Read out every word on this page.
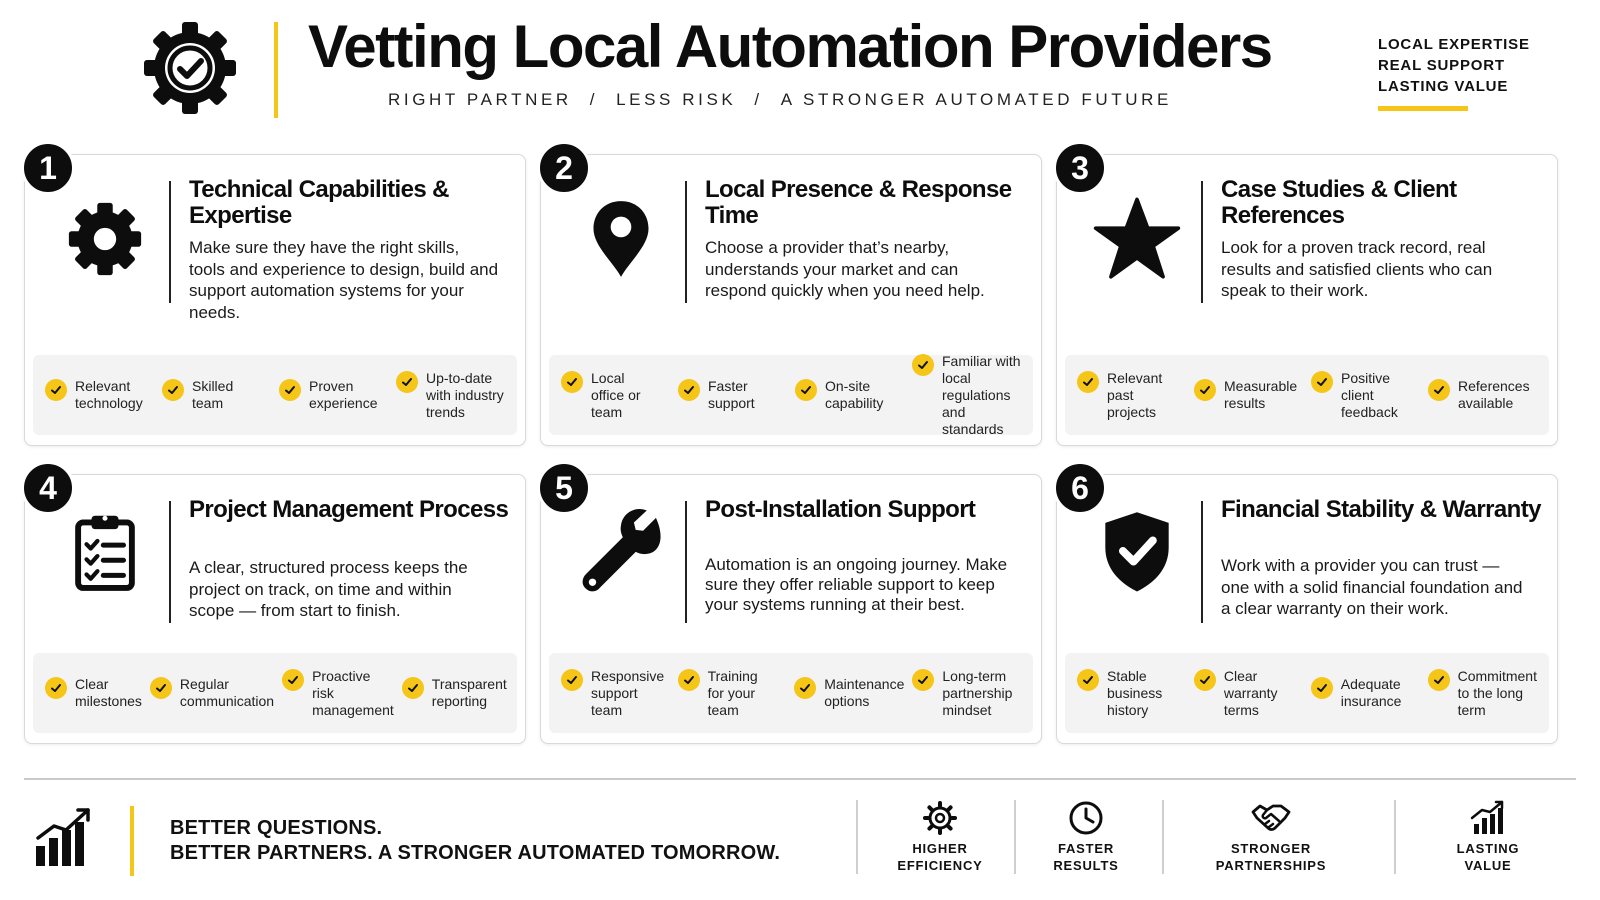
Vetting Local Automation Providers
RIGHT PARTNER / LESS RISK / A STRONGER AUTOMATED FUTURE
LOCAL EXPERTISE
REAL SUPPORT
LASTING VALUE
1
Technical Capabilities & Expertise

Make sure they have the right skills, tools and experience to design, build and support automation systems for your needs.

Relevant
technology
Skilled
team
Proven
experience
Up-to-date
with industry
trends
2
Local Presence & Response Time

Choose a provider that’s nearby, understands your market and can respond quickly when you need help.

Local
office or team
Faster
support
On-site
capability
Familiar with
local regulations
and standards
3
Case Studies & Client References

Look for a proven track record, real results and satisfied clients who can speak to their work.

Relevant
past projects
Measurable
results
Positive
client feedback
References
available
4
Project Management Process

A clear, structured process keeps the project on track, on time and within scope — from start to finish.

Clear
milestones
Regular
communication
Proactive
risk management
Transparent
reporting
5
Post-Installation Support

Automation is an ongoing journey. Make sure they offer reliable support to keep your systems running at their best.

Responsive
support team
Training
for your team
Maintenance
options
Long-term
partnership
mindset
6
Financial Stability & Warranty

Work with a provider you can trust — one with a solid financial foundation and a clear warranty on their work.

Stable
business history
Clear
warranty terms
Adequate
insurance
Commitment
to the long term
BETTER QUESTIONS.
BETTER PARTNERS. A STRONGER AUTOMATED TOMORROW.	HIGHER
EFFICIENCY
FASTER
RESULTS
STRONGER
PARTNERSHIPS
LASTING
VALUE
